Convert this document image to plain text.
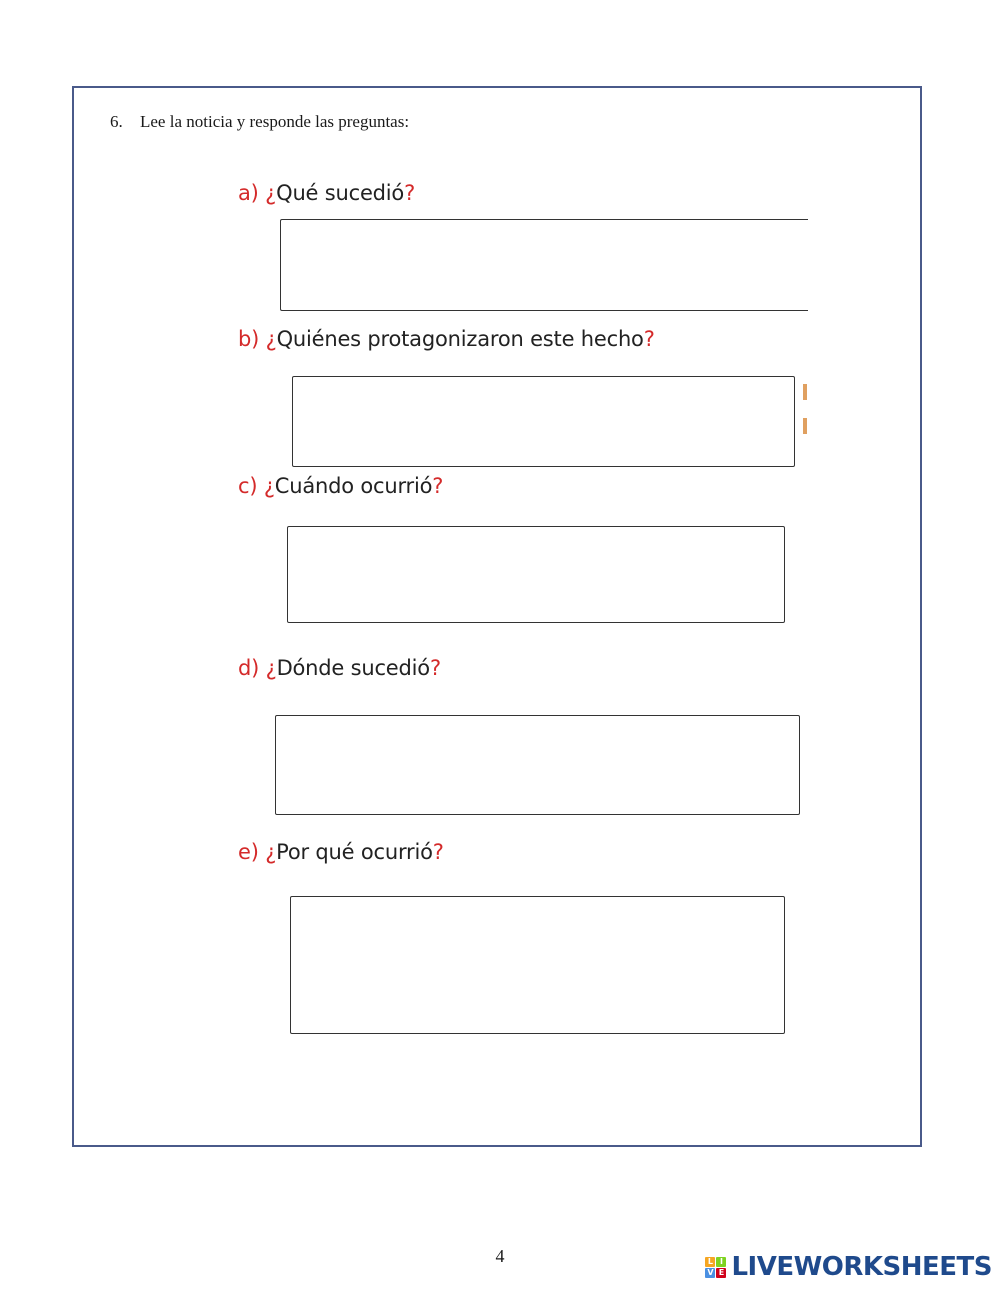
6. Lee la noticia y responde las preguntas:
a) ¿Qué sucedió?
b) ¿Quiénes protagonizaron este hecho?
c) ¿Cuándo ocurrió?
d) ¿Dónde sucedió?
e) ¿Por qué ocurrió?
4	L I
V E LIVEWORKSHEETS
